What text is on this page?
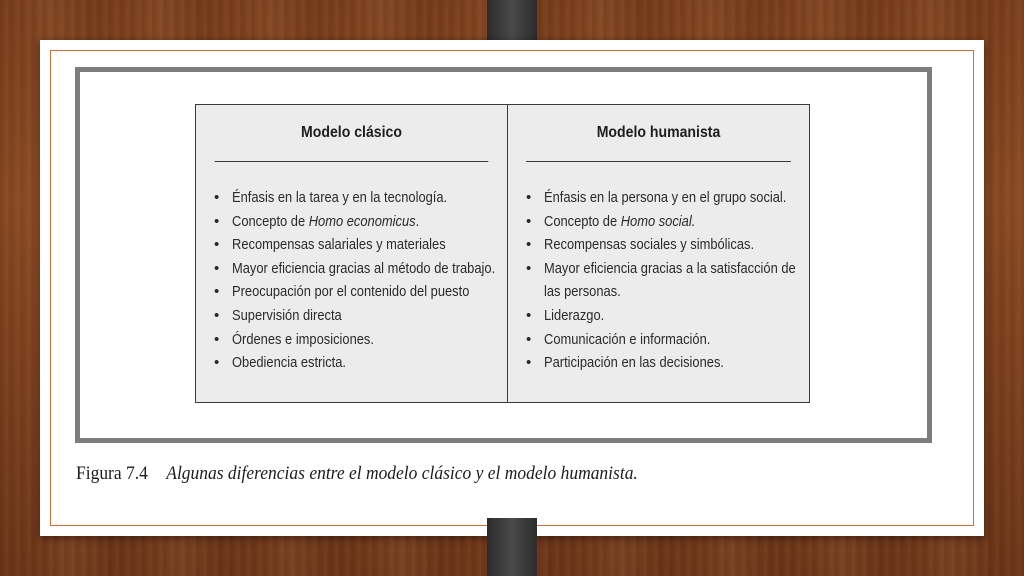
Modelo clásico
• Énfasis en la tarea y en la tecnología.
• Concepto de Homo economicus.
• Recompensas salariales y materiales
• Mayor eficiencia gracias al método de trabajo.
• Preocupación por el contenido del puesto
• Supervisión directa
• Órdenes e imposiciones.
• Obediencia estricta.
Modelo humanista
• Énfasis en la persona y en el grupo social.
• Concepto de Homo social.
• Recompensas sociales y simbólicas.
• Mayor eficiencia gracias a la satisfacción de
las personas.
• Liderazgo.
• Comunicación e información.
• Participación en las decisiones.
Figura 7.4 Algunas diferencias entre el modelo clásico y el modelo humanista.
